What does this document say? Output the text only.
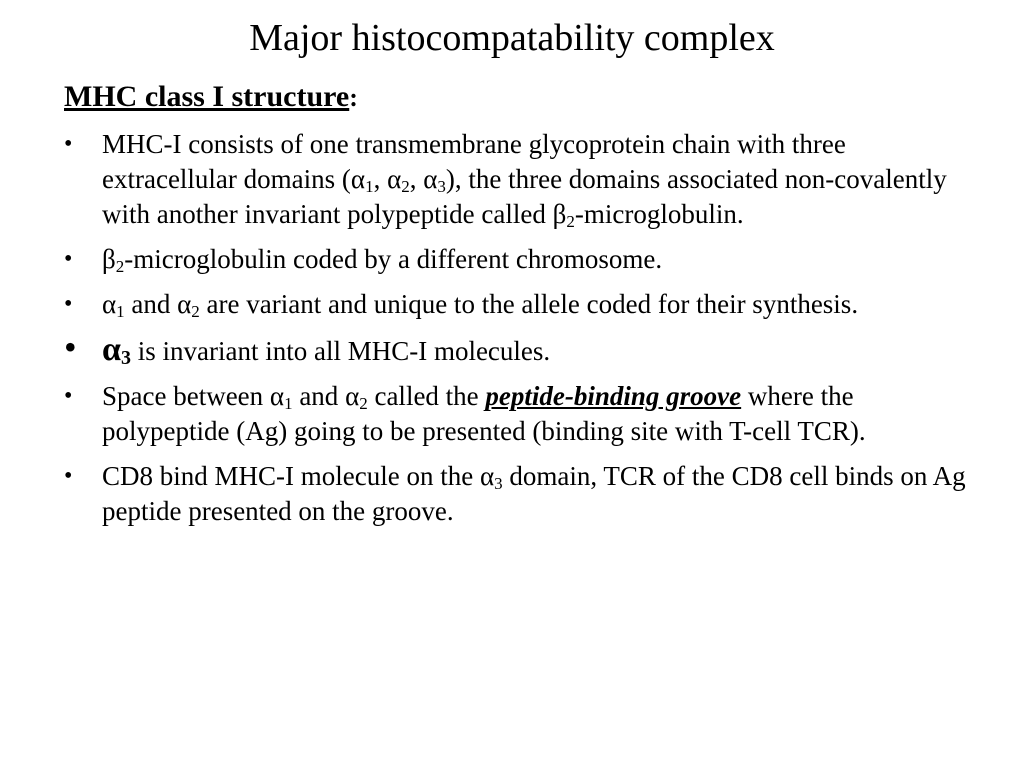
Major histocompatability complex
MHC class I structure:
•	MHC-I consists of one transmembrane glycoprotein chain with three extracellular domains ($\alpha_1$, $\alpha_2$, $\alpha_3$), the three domains associated non-covalently with another invariant polypeptide called $\beta_2$-microglobulin.
•	$\beta_2$-microglobulin coded by a different chromosome.
•	$\alpha_1$ and $\alpha_2$ are variant and unique to the allele coded for their synthesis.
• $\alpha_3$ is invariant into all MHC-I molecules.
•	Space between $\alpha_1$ and $\alpha_2$ called the peptide-binding groove where the polypeptide (Ag) going to be presented (binding site with T-cell TCR).
•	CD8 bind MHC-I molecule on the $\alpha_3$ domain, TCR of the CD8 cell binds on Ag peptide presented on the groove.
